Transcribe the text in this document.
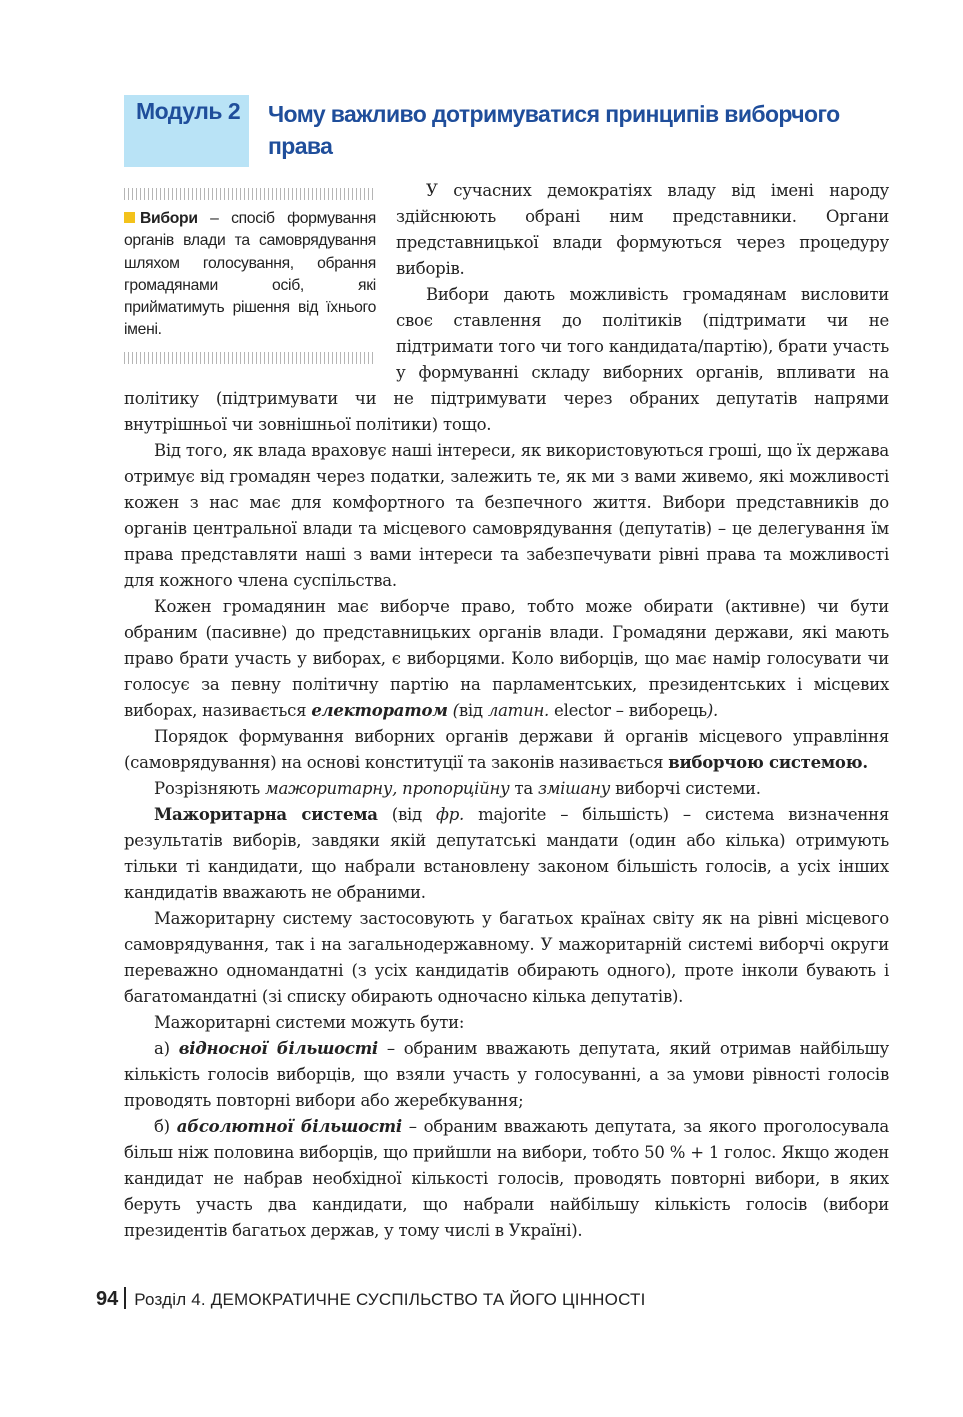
Модуль 2 Чому важливо дотримуватися принципів виборчого права
Вибори – спосіб формування органів влади та самоврядування шляхом голосування, обрання громадянами осіб, які прийматимуть рішення від їхнього імені.

У сучасних демократіях владу від імені народу здійснюють обрані ним представники. Органи представницької влади формуються через процедуру виборів.

Вибори дають можливість громадянам висловити своє ставлення до політиків (підтримати чи не підтримати того чи того кандидата/партію), брати участь у формуванні складу виборних органів, впливати на політику (підтримувати чи не підтримувати через обраних депутатів напрями внутрішньої чи зовнішньої політики) тощо.

Від того, як влада враховує наші інтереси, як використовуються гроші, що їх держава отримує від громадян через податки, залежить те, як ми з вами живемо, які можливості кожен з нас має для комфортного та безпечного життя. Вибори представників до органів центральної влади та місцевого самоврядування (депутатів) – це делегування їм права представляти наші з вами інтереси та забезпечувати рівні права та можливості для кожного члена суспільства.

Кожен громадянин має виборче право, тобто може обирати (активне) чи бути обраним (пасивне) до представницьких органів влади. Громадяни держави, які мають право брати участь у виборах, є виборцями. Коло виборців, що має намір голосувати чи голосує за певну політичну партію на парламентських, президентських і місцевих виборах, називається електоратом (від латин. elector – виборець).

Порядок формування виборних органів держави й органів місцевого управління (самоврядування) на основі конституції та законів називається виборчою системою.

Розрізняють мажоритарну, пропорційну та змішану виборчі системи.

Мажоритарна система (від фр. majorite – більшість) – система визначення результатів виборів, завдяки якій депутатські мандати (один або кілька) отримують тільки ті кандидати, що набрали встановлену законом більшість голосів, а усіх інших кандидатів вважають не обраними.

Мажоритарну систему застосовують у багатьох країнах світу як на рівні місцевого самоврядування, так і на загальнодержавному. У мажоритарній системі виборчі округи переважно одномандатні (з усіх кандидатів обирають одного), проте інколи бувають і багатомандатні (зі списку обирають одночасно кілька депутатів).

Мажоритарні системи можуть бути:

а) відносної більшості – обраним вважають депутата, який отримав найбільшу кількість голосів виборців, що взяли участь у голосуванні, а за умови рівності голосів проводять повторні вибори або жеребкування;

б) абсолютної більшості – обраним вважають депутата, за якого проголосувала більш ніж половина виборців, що прийшли на вибори, тобто 50 % + 1 голос. Якщо жоден кандидат не набрав необхідної кількості голосів, проводять повторні вибори, в яких беруть участь два кандидати, що набрали найбільшу кількість голосів (вибори президентів багатьох держав, у тому числі в Україні).

94 Розділ 4. ДЕМОКРАТИЧНЕ СУСПІЛЬСТВО ТА ЙОГО ЦІННОСТІ
